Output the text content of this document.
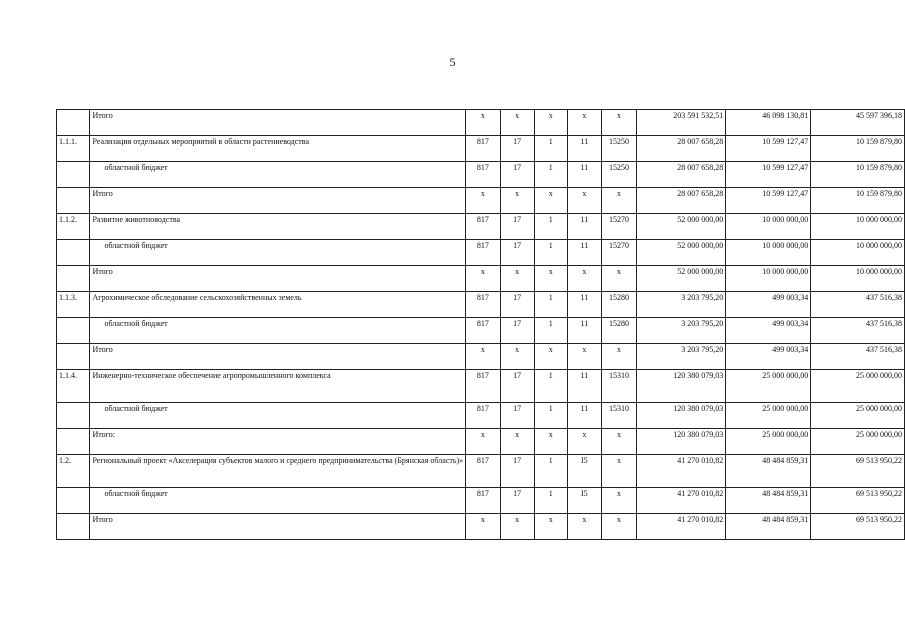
5
	Итого	x	x	x	x	x	203 591 532,51	46 098 130,81	45 597 396,18
1.1.1.	Реализация отдельных мероприятий в области растениеводства	817	17	1	11	15250	28 007 658,28	10 599 127,47	10 159 879,80
	областной бюджет	817	17	1	11	15250	28 007 658,28	10 599 127,47	10 159 879,80
	Итого	x	x	x	x	x	28 007 658,28	10 599 127,47	10 159 879,80
1.1.2.	Развитие животноводства	817	17	1	11	15270	52 000 000,00	10 000 000,00	10 000 000,00
	областной бюджет	817	17	1	11	15270	52 000 000,00	10 000 000,00	10 000 000,00
	Итого	x	x	x	x	x	52 000 000,00	10 000 000,00	10 000 000,00
1.1.3.	Агрохимическое обследование сельскохозяйственных земель	817	17	1	11	15280	3 203 795,20	499 003,34	437 516,38
	областной бюджет	817	17	1	11	15280	3 203 795,20	499 003,34	437 516,38
	Итого	x	x	x	x	x	3 203 795,20	499 003,34	437 516,38
1.1.4.	Инженерно-техническое обеспечение агропромышленного комплекса	817	17	1	11	15310	120 380 079,03	25 000 000,00	25 000 000,00
	областной бюджет	817	17	1	11	15310	120 380 079,03	25 000 000,00	25 000 000,00
	Итого:	x	x	x	x	x	120 380 079,03	25 000 000,00	25 000 000,00
1.2.	Региональный проект «Акселерация субъектов малого и среднего предпринимательства (Брянская область)»	817	17	1	I5	x	41 270 010,82	48 484 859,31	69 513 950,22
	областной бюджет	817	17	1	I5	x	41 270 010,82	48 484 859,31	69 513 950,22
	Итого	x	x	x	x	x	41 270 010,82	48 484 859,31	69 513 950,22
